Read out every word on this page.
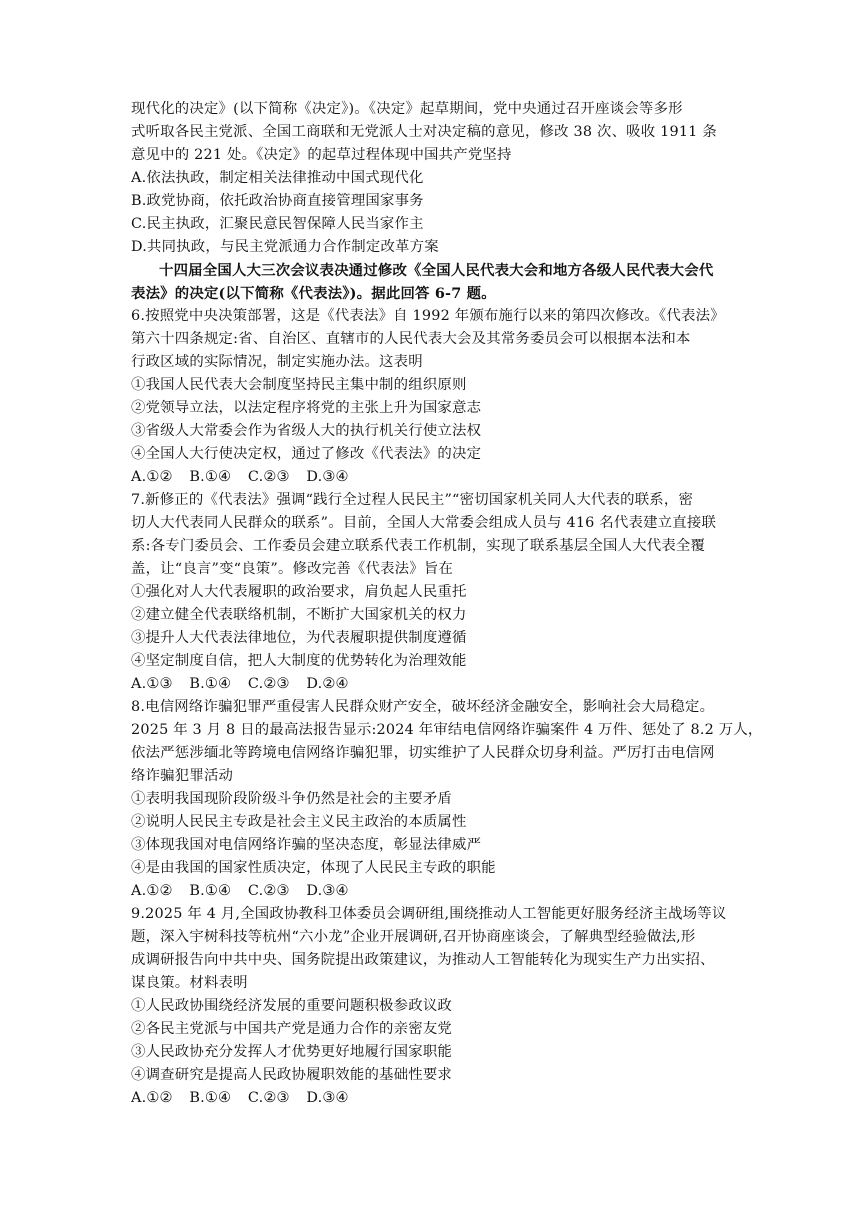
现代化的决定》(以下简称《决定》)。《决定》起草期间，党中央通过召开座谈会等多形
式听取各民主党派、全国工商联和无党派人士对决定稿的意见，修改 38 次、吸收 1911 条
意见中的 221 处。《决定》的起草过程体现中国共产党坚持
A.依法执政，制定相关法律推动中国式现代化
B.政党协商，依托政治协商直接管理国家事务
C.民主执政，汇聚民意民智保障人民当家作主
D.共同执政，与民主党派通力合作制定改革方案
十四届全国人大三次会议表决通过修改《全国人民代表大会和地方各级人民代表大会代
表法》的决定(以下简称《代表法》)。据此回答 6-7 题。
6.按照党中央决策部署，这是《代表法》自 1992 年颁布施行以来的第四次修改。《代表法》
第六十四条规定:省、自治区、直辖市的人民代表大会及其常务委员会可以根据本法和本
行政区域的实际情况，制定实施办法。这表明
①我国人民代表大会制度坚持民主集中制的组织原则
②党领导立法，以法定程序将党的主张上升为国家意志
③省级人大常委会作为省级人大的执行机关行使立法权
④全国人大行使决定权，通过了修改《代表法》的决定
A.①② B.①④ C.②③ D.③④
7.新修正的《代表法》强调“践行全过程人民民主”“密切国家机关同人大代表的联系，密
切人大代表同人民群众的联系”。目前，全国人大常委会组成人员与 416 名代表建立直接联
系:各专门委员会、工作委员会建立联系代表工作机制，实现了联系基层全国人大代表全覆
盖，让“良言”变“良策”。修改完善《代表法》旨在
①强化对人大代表履职的政治要求，肩负起人民重托
②建立健全代表联络机制，不断扩大国家机关的权力
③提升人大代表法律地位，为代表履职提供制度遵循
④坚定制度自信，把人大制度的优势转化为治理效能
A.①③ B.①④ C.②③ D.②④
8.电信网络诈骗犯罪严重侵害人民群众财产安全，破坏经济金融安全，影响社会大局稳定。
2025 年 3 月 8 日的最高法报告显示:2024 年审结电信网络诈骗案件 4 万件、惩处了 8.2 万人，
依法严惩涉缅北等跨境电信网络诈骗犯罪，切实维护了人民群众切身利益。严厉打击电信网
络诈骗犯罪活动
①表明我国现阶段阶级斗争仍然是社会的主要矛盾
②说明人民民主专政是社会主义民主政治的本质属性
③体现我国对电信网络诈骗的坚决态度，彰显法律威严
④是由我国的国家性质决定，体现了人民民主专政的职能
A.①② B.①④ C.②③ D.③④
9.2025 年 4 月,全国政协教科卫体委员会调研组,围绕推动人工智能更好服务经济主战场等议
题，深入宇树科技等杭州“六小龙”企业开展调研,召开协商座谈会，了解典型经验做法,形
成调研报告向中共中央、国务院提出政策建议，为推动人工智能转化为现实生产力出实招、
谋良策。材料表明
①人民政协围绕经济发展的重要问题积极参政议政
②各民主党派与中国共产党是通力合作的亲密友党
③人民政协充分发挥人才优势更好地履行国家职能
④调查研究是提高人民政协履职效能的基础性要求
A.①② B.①④ C.②③ D.③④
